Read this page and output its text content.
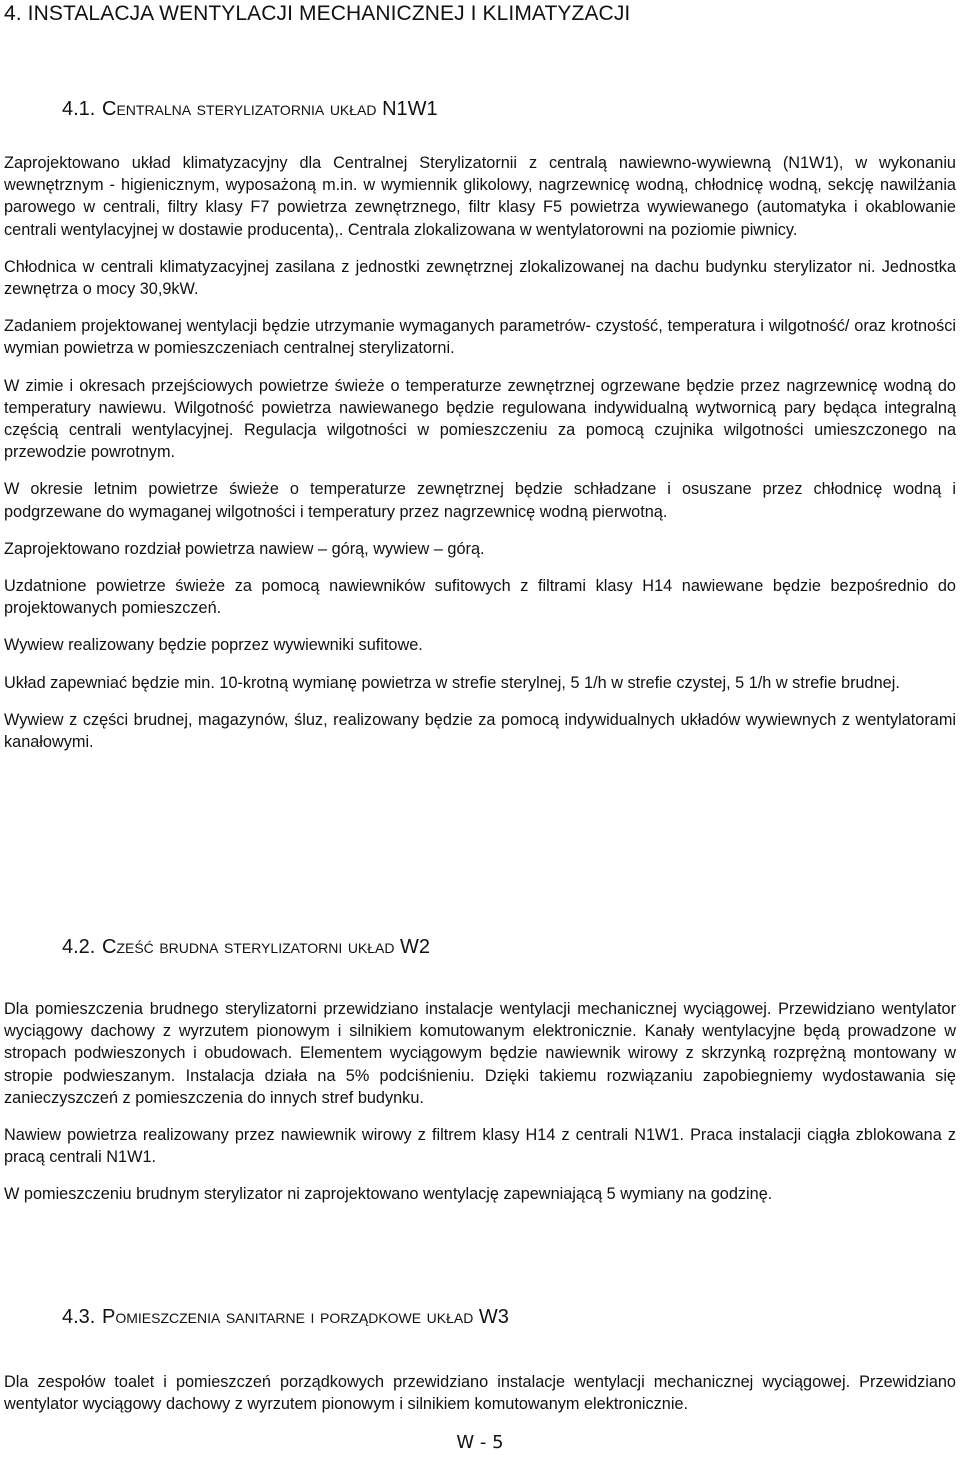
4. INSTALACJA WENTYLACJI MECHANICZNEJ I KLIMATYZACJI
4.1. Centralna sterylizatornia układ N1W1

Zaprojektowano układ klimatyzacyjny dla Centralnej Sterylizatornii z centralą nawiewno-wywiewną (N1W1), w wykonaniu wewnętrznym - higienicznym, wyposażoną m.in. w wymiennik glikolowy, nagrzewnicę wodną, chłodnicę wodną, sekcję nawilżania parowego w centrali, filtry klasy F7 powietrza zewnętrznego, filtr klasy F5 powietrza wywiewanego (automatyka i okablowanie centrali wentylacyjnej w dostawie producenta),. Centrala zlokalizowana w wentylatorowni na poziomie piwnicy.

Chłodnica w centrali klimatyzacyjnej zasilana z jednostki zewnętrznej zlokalizowanej na dachu budynku sterylizator ni. Jednostka zewnętrza o mocy 30,9kW.

Zadaniem projektowanej wentylacji będzie utrzymanie wymaganych parametrów- czystość, temperatura i wilgotność/ oraz krotności wymian powietrza w pomieszczeniach centralnej sterylizatorni.

W zimie i okresach przejściowych powietrze świeże o temperaturze zewnętrznej ogrzewane będzie przez nagrzewnicę wodną do temperatury nawiewu. Wilgotność powietrza nawiewanego będzie regulowana indywidualną wytwornicą pary będąca integralną częścią centrali wentylacyjnej. Regulacja wilgotności w pomieszczeniu za pomocą czujnika wilgotności umieszczonego na przewodzie powrotnym.

W okresie letnim powietrze świeże o temperaturze zewnętrznej będzie schładzane i osuszane przez chłodnicę wodną i podgrzewane do wymaganej wilgotności i temperatury przez nagrzewnicę wodną pierwotną.

Zaprojektowano rozdział powietrza nawiew – górą, wywiew – górą.

Uzdatnione powietrze świeże za pomocą nawiewników sufitowych z filtrami klasy H14 nawiewane będzie bezpośrednio do projektowanych pomieszczeń.

Wywiew realizowany będzie poprzez wywiewniki sufitowe.

Układ zapewniać będzie min. 10-krotną wymianę powietrza w strefie sterylnej, 5 1/h w strefie czystej, 5 1/h w strefie brudnej.

Wywiew z części brudnej, magazynów, śluz, realizowany będzie za pomocą indywidualnych układów wywiewnych z wentylatorami kanałowymi.

4.2. Cześć brudna sterylizatorni układ W2

Dla pomieszczenia brudnego sterylizatorni przewidziano instalacje wentylacji mechanicznej wyciągowej. Przewidziano wentylator wyciągowy dachowy z wyrzutem pionowym i silnikiem komutowanym elektronicznie. Kanały wentylacyjne będą prowadzone w stropach podwieszonych i obudowach. Elementem wyciągowym będzie nawiewnik wirowy z skrzynką rozprężną montowany w stropie podwieszanym. Instalacja działa na 5% podciśnieniu. Dzięki takiemu rozwiązaniu zapobiegniemy wydostawania się zanieczyszczeń z pomieszczenia do innych stref budynku.

Nawiew powietrza realizowany przez nawiewnik wirowy z filtrem klasy H14 z centrali N1W1. Praca instalacji ciągła zblokowana z pracą centrali N1W1.

W pomieszczeniu brudnym sterylizator ni zaprojektowano wentylację zapewniającą 5 wymiany na godzinę.

4.3. Pomieszczenia sanitarne i porządkowe układ W3

Dla zespołów toalet i pomieszczeń porządkowych przewidziano instalacje wentylacji mechanicznej wyciągowej. Przewidziano wentylator wyciągowy dachowy z wyrzutem pionowym i silnikiem komutowanym elektronicznie.

W - 5
